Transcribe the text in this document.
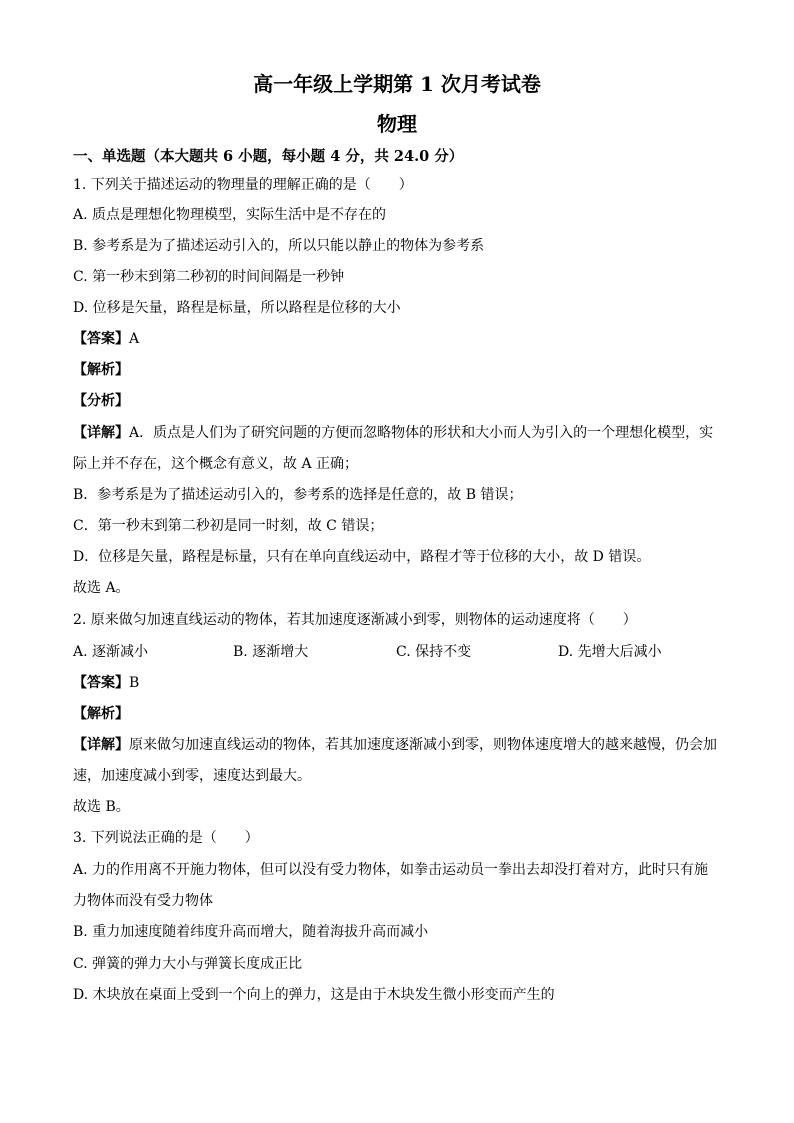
高一年级上学期第 1 次月考试卷
物理
一、单选题（本大题共 6 小题，每小题 4 分，共 24.0 分）
1. 下列关于描述运动的物理量的理解正确的是（　　）
A. 质点是理想化物理模型，实际生活中是不存在的
B. 参考系是为了描述运动引入的，所以只能以静止的物体为参考系
C. 第一秒末到第二秒初的时间间隔是一秒钟
D. 位移是矢量，路程是标量，所以路程是位移的大小
【答案】A
【解析】
【分析】
【详解】A．质点是人们为了研究问题的方便而忽略物体的形状和大小而人为引入的一个理想化模型，实
际上并不存在，这个概念有意义，故 A 正确；
B．参考系是为了描述运动引入的，参考系的选择是任意的，故 B 错误；
C．第一秒末到第二秒初是同一时刻，故 C 错误；
D．位移是矢量，路程是标量，只有在单向直线运动中，路程才等于位移的大小，故 D 错误。
故选 A。
2. 原来做匀加速直线运动的物体，若其加速度逐渐减小到零，则物体的运动速度将（　　）
A. 逐渐减小	B. 逐渐增大	C. 保持不变	D. 先增大后减小
【答案】B
【解析】
【详解】原来做匀加速直线运动的物体，若其加速度逐渐减小到零，则物体速度增大的越来越慢，仍会加
速，加速度减小到零，速度达到最大。
故选 B。
3. 下列说法正确的是（　　）
A. 力的作用离不开施力物体，但可以没有受力物体，如拳击运动员一拳出去却没打着对方，此时只有施
力物体而没有受力物体
B. 重力加速度随着纬度升高而增大，随着海拔升高而减小
C. 弹簧的弹力大小与弹簧长度成正比
D. 木块放在桌面上受到一个向上的弹力，这是由于木块发生微小形变而产生的
